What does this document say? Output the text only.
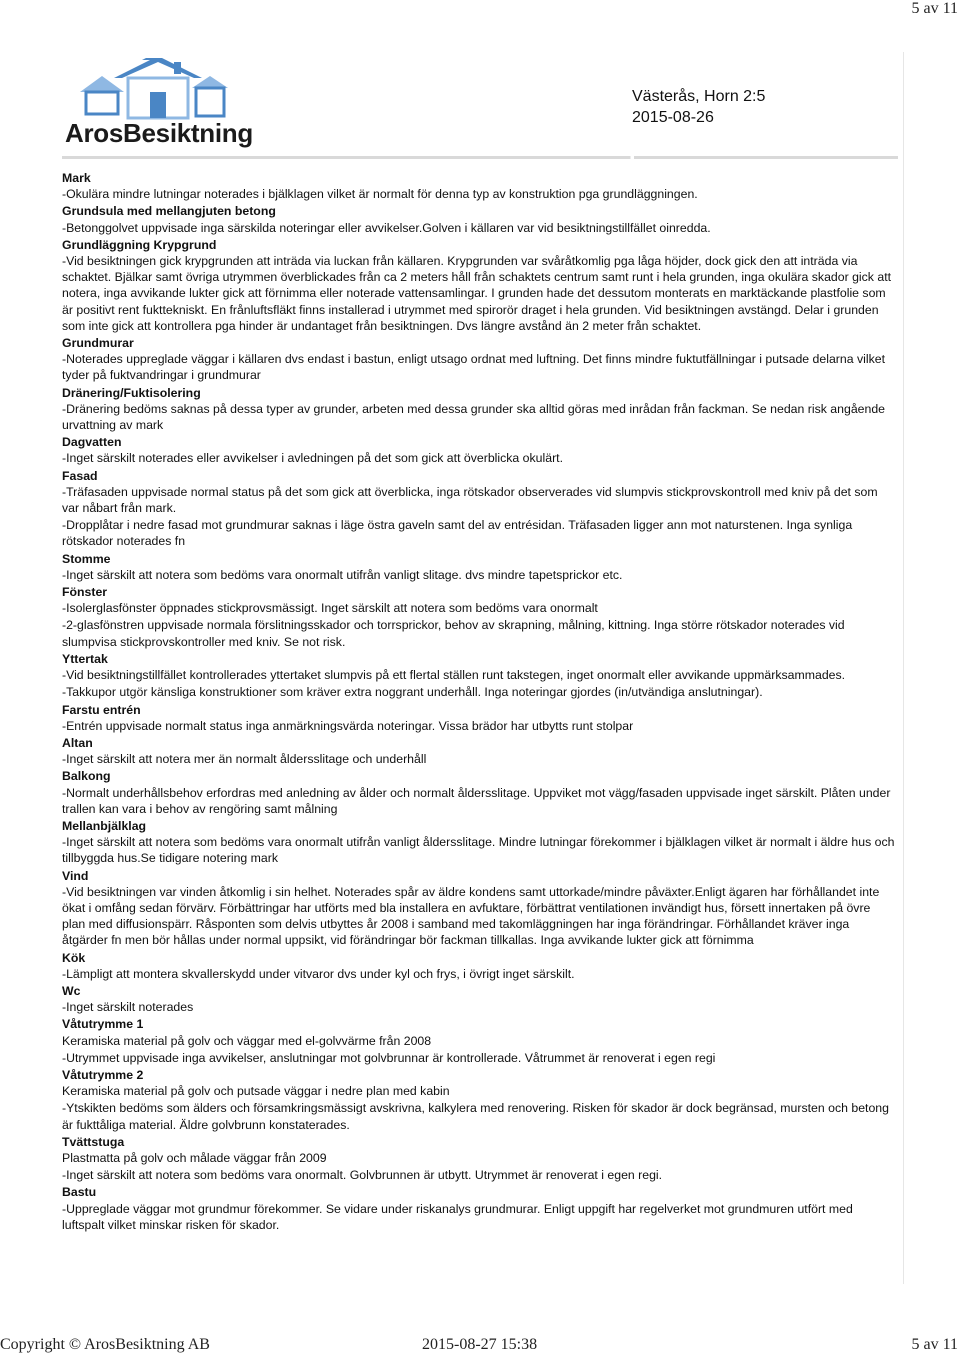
5 av 11
ArosBesiktning
Västerås, Horn 2:5
2015-08-26
Mark
-Okulära mindre lutningar noterades i bjälklagen vilket är normalt för denna typ av konstruktion pga grundläggningen.
Grundsula med mellangjuten betong
-Betonggolvet uppvisade inga särskilda noteringar eller avvikelser.Golven i källaren var vid besiktningstillfället oinredda.
Grundläggning Krypgrund
-Vid besiktningen gick krypgrunden att inträda via luckan från källaren. Krypgrunden var svåråtkomlig pga låga höjder, dock gick den att inträda via schaktet. Bjälkar samt övriga utrymmen överblickades från ca 2 meters håll från schaktets centrum samt runt i hela grunden, inga okulära skador gick att notera, inga avvikande lukter gick att förnimma eller noterade vattensamlingar. I grunden hade det dessutom monterats en marktäckande plastfolie som är positivt rent fukttekniskt. En frånluftsfläkt finns installerad i utrymmet med spirorör draget i hela grunden. Vid besiktningen avstängd. Delar i grunden som inte gick att kontrollera pga hinder är undantaget från besiktningen. Dvs längre avstånd än 2 meter från schaktet.
Grundmurar
-Noterades uppreglade väggar i källaren dvs endast i bastun, enligt utsago ordnat med luftning. Det finns mindre fuktutfällningar i putsade delarna vilket tyder på fuktvandringar i grundmurar
Dränering/Fuktisolering
-Dränering bedöms saknas på dessa typer av grunder, arbeten med dessa grunder ska alltid göras med inrådan från fackman. Se nedan risk angående urvattning av mark
Dagvatten
-Inget särskilt noterades eller avvikelser i avledningen på det som gick att överblicka okulärt.
Fasad
-Träfasaden uppvisade normal status på det som gick att överblicka, inga rötskador observerades vid slumpvis stickprovskontroll med kniv på det som var nåbart från mark.
-Dropplåtar i nedre fasad mot grundmurar saknas i läge östra gaveln samt del av entrésidan. Träfasaden ligger ann mot naturstenen. Inga synliga rötskador noterades fn
Stomme
-Inget särskilt att notera som bedöms vara onormalt utifrån vanligt slitage. dvs mindre tapetsprickor etc.
Fönster
-Isolerglasfönster öppnades stickprovsmässigt. Inget särskilt att notera som bedöms vara onormalt
-2-glasfönstren uppvisade normala förslitningsskador och torrsprickor, behov av skrapning, målning, kittning. Inga större rötskador noterades vid slumpvisa stickprovskontroller med kniv. Se not risk.
Yttertak
-Vid besiktningstillfället kontrollerades yttertaket slumpvis på ett flertal ställen runt takstegen, inget onormalt eller avvikande uppmärksammades.
-Takkupor utgör känsliga konstruktioner som kräver extra noggrant underhåll. Inga noteringar gjordes (in/utvändiga anslutningar).
Farstu entrén
-Entrén uppvisade normalt status inga anmärkningsvärda noteringar. Vissa brädor har utbytts runt stolpar
Altan
-Inget särskilt att notera mer än normalt åldersslitage och underhåll
Balkong
-Normalt underhållsbehov erfordras med anledning av ålder och normalt åldersslitage. Uppviket mot vägg/fasaden uppvisade inget särskilt. Plåten under trallen kan vara i behov av rengöring samt målning
Mellanbjälklag
-Inget särskilt att notera som bedöms vara onormalt utifrån vanligt åldersslitage. Mindre lutningar förekommer i bjälklagen vilket är normalt i äldre hus och tillbyggda hus.Se tidigare notering mark
Vind
-Vid besiktningen var vinden åtkomlig i sin helhet. Noterades spår av äldre kondens samt uttorkade/mindre påväxter.Enligt ägaren har förhållandet inte ökat i omfång sedan förvärv. Förbättringar har utförts med bla installera en avfuktare, förbättrat ventilationen invändigt hus, försett innertaken på övre plan med diffusionspärr. Råsponten som delvis utbyttes år 2008 i samband med takomläggningen har inga förändringar. Förhållandet kräver inga åtgärder fn men bör hållas under normal uppsikt, vid förändringar bör fackman tillkallas. Inga avvikande lukter gick att förnimma
Kök
-Lämpligt att montera skvallerskydd under vitvaror dvs under kyl och frys, i övrigt inget särskilt.
Wc
-Inget särskilt noterades
Våtutrymme 1
Keramiska material på golv och väggar med el-golvvärme från 2008
-Utrymmet uppvisade inga avvikelser, anslutningar mot golvbrunnar är kontrollerade. Våtrummet är renoverat i egen regi
Våtutrymme 2
Keramiska material på golv och putsade väggar i nedre plan med kabin
-Ytskikten bedöms som älders och församkringsmässigt avskrivna, kalkylera med renovering. Risken för skador är dock begränsad, mursten och betong är fukttåliga material. Äldre golvbrunn konstaterades.
Tvättstuga
Plastmatta på golv och målade väggar från 2009
-Inget särskilt att notera som bedöms vara onormalt. Golvbrunnen är utbytt. Utrymmet är renoverat i egen regi.
Bastu
-Uppreglade väggar mot grundmur förekommer. Se vidare under riskanalys grundmurar. Enligt uppgift har regelverket mot grundmuren utfört med luftspalt vilket minskar risken för skador.
Copyright © ArosBesiktning AB	2015-08-27 15:38	5 av 11
